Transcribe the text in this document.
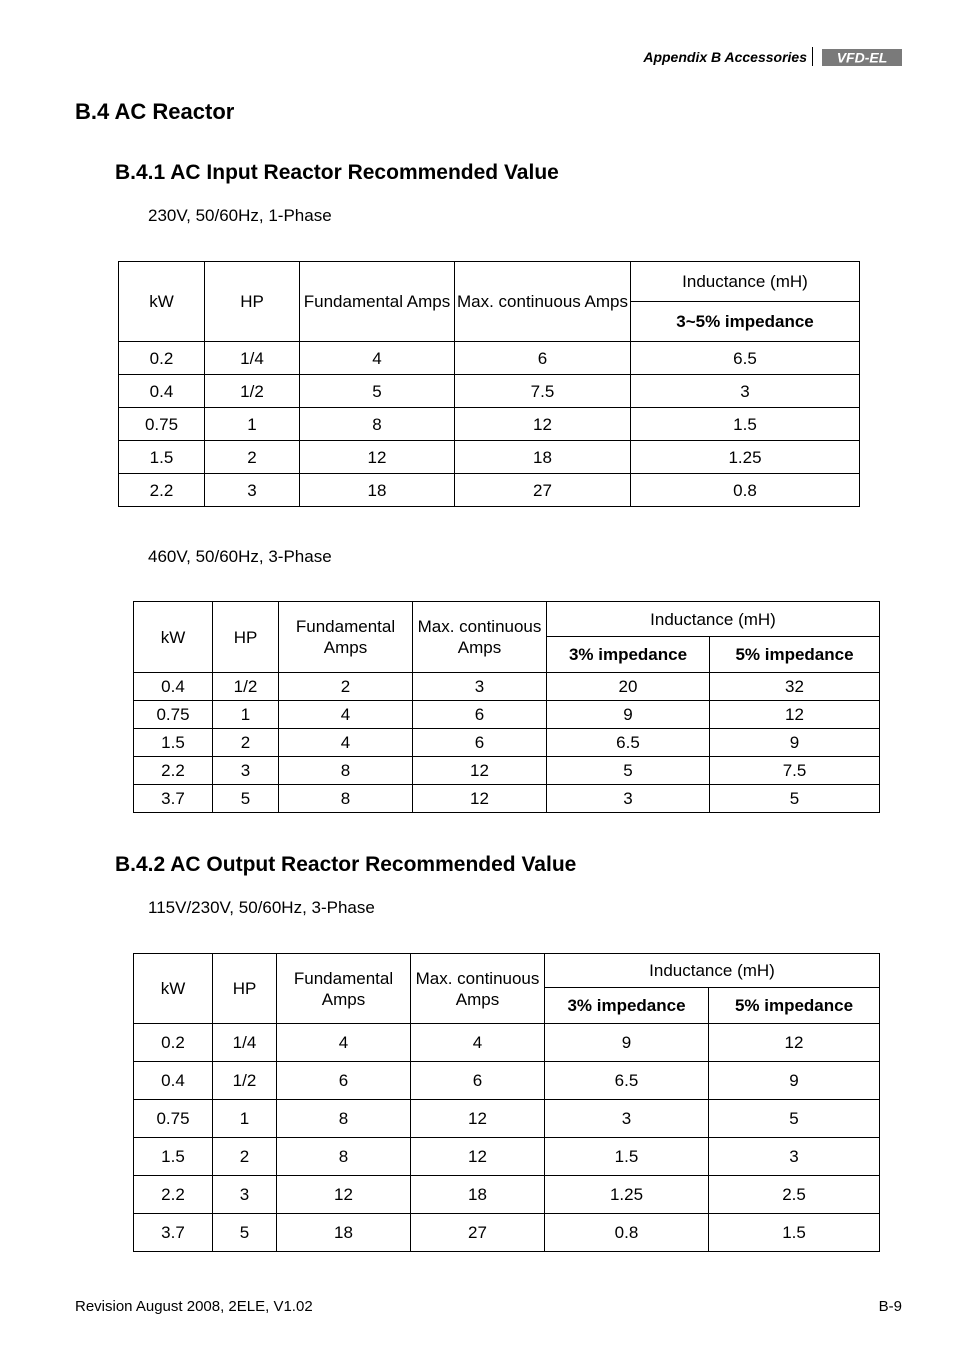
Appendix B Accessories VFD-EL
B.4 AC Reactor
B.4.1 AC Input Reactor Recommended Value
230V, 50/60Hz, 1-Phase
kW	HP	Fundamental Amps	Max. continuous Amps	Inductance (mH)
				3~5% impedance
0.2	1/4	4	6	6.5
0.4	1/2	5	7.5	3
0.75	1	8	12	1.5
1.5	2	12	18	1.25
2.2	3	18	27	0.8
460V, 50/60Hz, 3-Phase
kW	HP	Fundamental Amps	Max. continuous Amps	Inductance (mH)	
				3% impedance	5% impedance
0.4	1/2	2	3	20	32
0.75	1	4	6	9	12
1.5	2	4	6	6.5	9
2.2	3	8	12	5	7.5
3.7	5	8	12	3	5
B.4.2 AC Output Reactor Recommended Value
115V/230V, 50/60Hz, 3-Phase
kW	HP	Fundamental Amps	Max. continuous Amps	Inductance (mH)	
				3% impedance	5% impedance
0.2	1/4	4	4	9	12
0.4	1/2	6	6	6.5	9
0.75	1	8	12	3	5
1.5	2	8	12	1.5	3
2.2	3	12	18	1.25	2.5
3.7	5	18	27	0.8	1.5
Revision August 2008, 2ELE, V1.02	B-9
